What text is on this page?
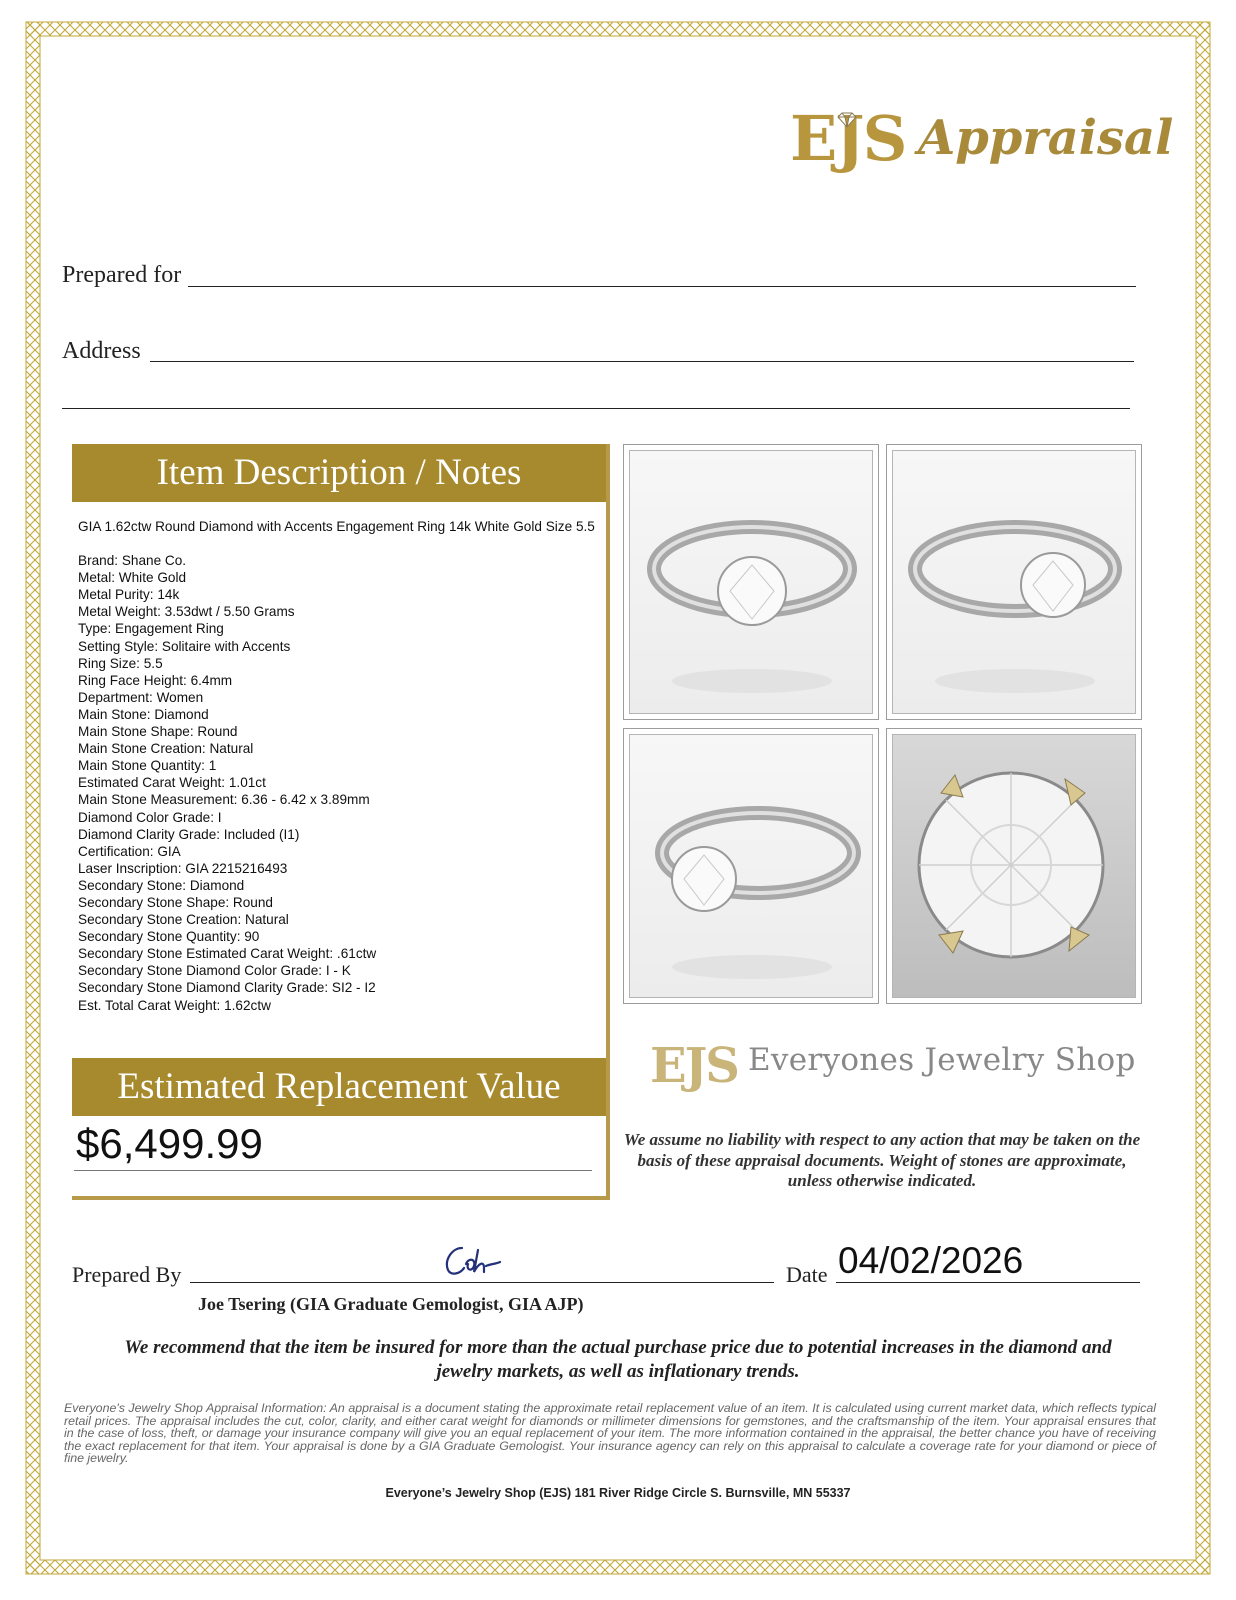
EJS Appraisal
Prepared for
Address
Item Description / Notes
GIA 1.62ctw Round Diamond with Accents Engagement Ring 14k White Gold Size 5.5
Brand: Shane Co.
Metal: White Gold
Metal Purity: 14k
Metal Weight: 3.53dwt / 5.50 Grams
Type: Engagement Ring
Setting Style: Solitaire with Accents
Ring Size: 5.5
Ring Face Height: 6.4mm
Department: Women
Main Stone: Diamond
Main Stone Shape: Round
Main Stone Creation: Natural
Main Stone Quantity: 1
Estimated Carat Weight: 1.01ct
Main Stone Measurement: 6.36 - 6.42 x 3.89mm
Diamond Color Grade: I
Diamond Clarity Grade: Included (I1)
Certification: GIA
Laser Inscription: GIA 2215216493
Secondary Stone: Diamond
Secondary Stone Shape: Round
Secondary Stone Creation: Natural
Secondary Stone Quantity: 90
Secondary Stone Estimated Carat Weight: .61ctw
Secondary Stone Diamond Color Grade: I - K
Secondary Stone Diamond Clarity Grade: SI2 - I2
Est. Total Carat Weight: 1.62ctw
Estimated Replacement Value
$6,499.99
EJS Everyones Jewelry Shop
We assume no liability with respect to any action that may be taken on the basis of these appraisal documents. Weight of stones are approximate, unless otherwise indicated.
Prepared By	Date 04/02/2026
Joe Tsering (GIA Graduate Gemologist, GIA AJP)
We recommend that the item be insured for more than the actual purchase price due to potential increases in the diamond and jewelry markets, as well as inflationary trends.
Everyone's Jewelry Shop Appraisal Information: An appraisal is a document stating the approximate retail replacement value of an item. It is calculated using current market data, which reflects typical retail prices. The appraisal includes the cut, color, clarity, and either carat weight for diamonds or millimeter dimensions for gemstones, and the craftsmanship of the item. Your appraisal ensures that in the case of loss, theft, or damage your insurance company will give you an equal replacement of your item. The more information contained in the appraisal, the better chance you have of receiving the exact replacement for that item. Your appraisal is done by a GIA Graduate Gemologist. Your insurance agency can rely on this appraisal to calculate a coverage rate for your diamond or piece of fine jewelry.
Everyone’s Jewelry Shop (EJS) 181 River Ridge Circle S. Burnsville, MN 55337
